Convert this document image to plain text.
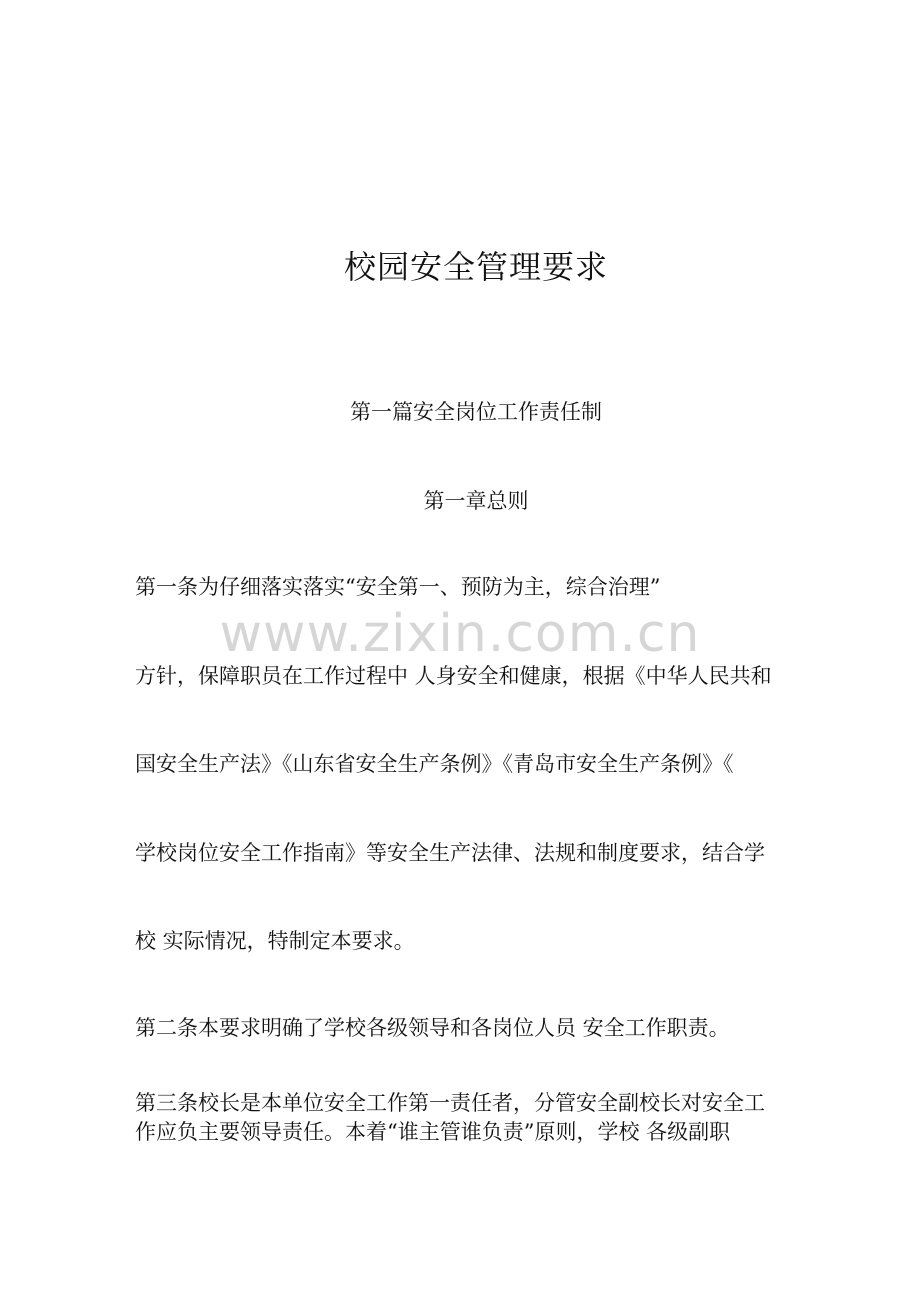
校园安全管理要求
第一篇安全岗位工作责任制
第一章总则
第一条为仔细落实落实“安全第一、预防为主，综合治理”
方针，保障职员在工作过程中 人身安全和健康，根据《中华人民共和
国安全生产法》《山东省安全生产条例》《青岛市安全生产条例》《
学校岗位安全工作指南》等安全生产法律、法规和制度要求，结合学
校 实际情况，特制定本要求。
第二条本要求明确了学校各级领导和各岗位人员 安全工作职责。
第三条校长是本单位安全工作第一责任者，分管安全副校长对安全工
作应负主要领导责任。本着“谁主管谁负责”原则，学校 各级副职
www.zixin.com.cn
